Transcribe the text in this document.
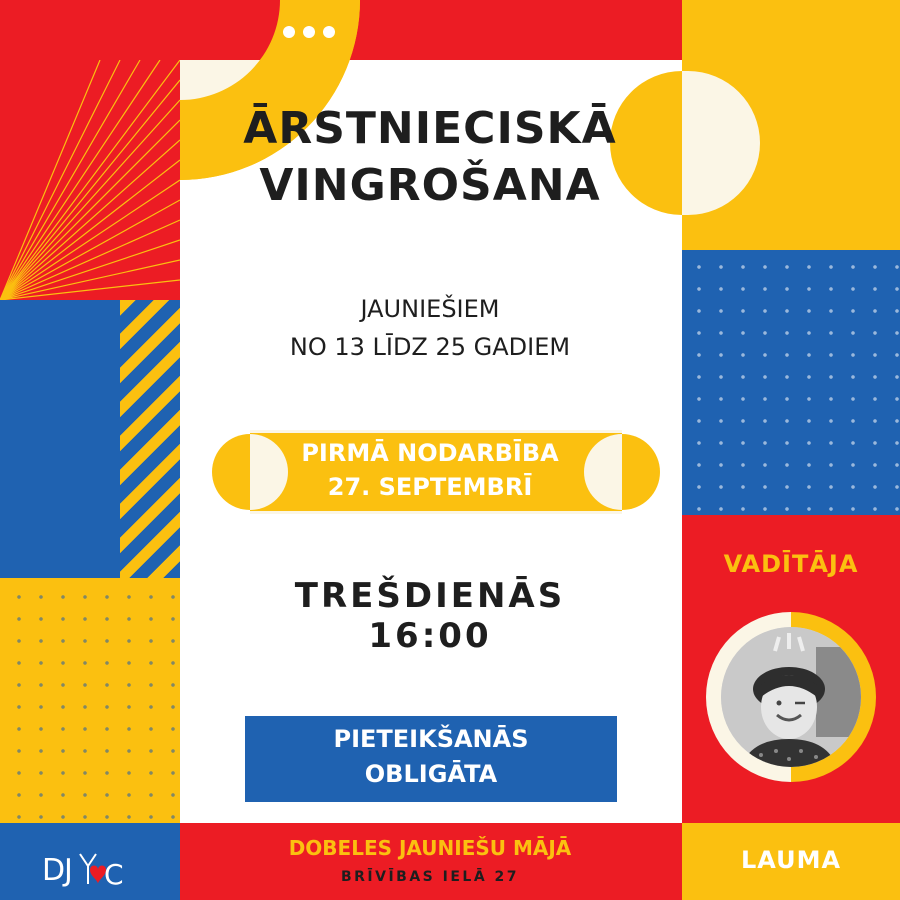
ĀRSTNIECISKĀ
VINGROŠANA
JAUNIEŠIEM
NO 13 LĪDZ 25 GADIEM
PIRMĀ NODARBĪBA
27. SEPTEMBRĪ
TREŠDIENĀS
16:00
PIETEIKŠANĀS
OBLIGĀTA
DOBELES JAUNIEŠU MĀJĀ
BRĪVĪBAS IELĀ 27
VADĪTĀJA
LAUMA
D
J C
